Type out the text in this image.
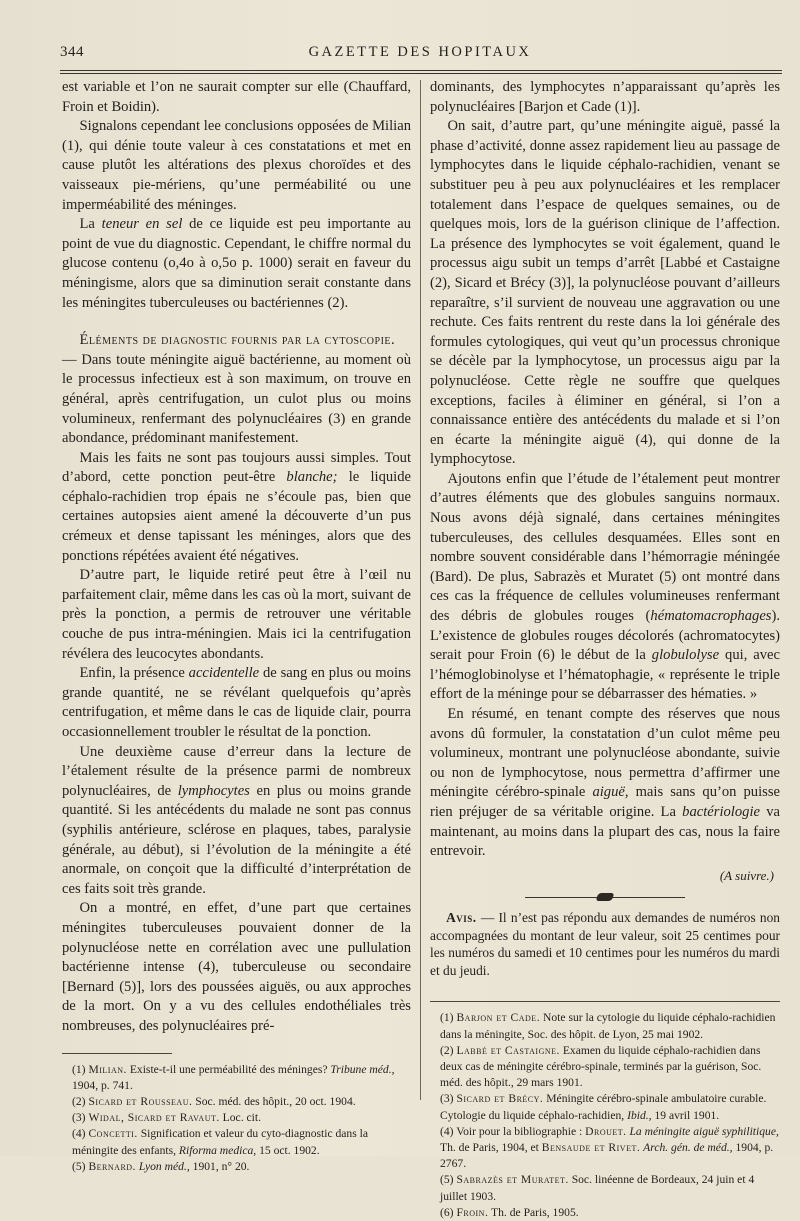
344	GAZETTE DES HOPITAUX

est variable et l’on ne saurait compter sur elle (Chauffard, Froin et Boidin).

Signalons cependant lee conclusions opposées de Milian (1), qui dénie toute valeur à ces constatations et met en cause plutôt les altérations des plexus choroïdes et des vaisseaux pie-mériens, qu’une perméabilité ou une imperméabilité des méninges.

La teneur en sel de ce liquide est peu importante au point de vue du diagnostic. Cependant, le chiffre normal du glucose contenu (o,4o à o,5o p. 1000) serait en faveur du méningisme, alors que sa diminution serait constante dans les méningites tuberculeuses ou bactériennes (2).

Éléments de diagnostic fournis par la cytoscopie.

— Dans toute méningite aiguë bactérienne, au moment où le processus infectieux est à son maximum, on trouve en général, après centrifugation, un culot plus ou moins volumineux, renfermant des polynucléaires (3) en grande abondance, prédominant manifestement.

Mais les faits ne sont pas toujours aussi simples. Tout d’abord, cette ponction peut-être blanche; le liquide céphalo-rachidien trop épais ne s’écoule pas, bien que certaines autopsies aient amené la découverte d’un pus crémeux et dense tapissant les méninges, alors que des ponctions répétées avaient été négatives.

D’autre part, le liquide retiré peut être à l’œil nu parfaitement clair, même dans les cas où la mort, suivant de près la ponction, a permis de retrouver une véritable couche de pus intra-méningien. Mais ici la centrifugation révélera des leucocytes abondants.

Enfin, la présence accidentelle de sang en plus ou moins grande quantité, ne se révélant quelquefois qu’après centrifugation, et même dans le cas de liquide clair, pourra occasionnellement troubler le résultat de la ponction.

Une deuxième cause d’erreur dans la lecture de l’étalement résulte de la présence parmi de nombreux polynucléaires, de lymphocytes en plus ou moins grande quantité. Si les antécédents du malade ne sont pas connus (syphilis antérieure, sclérose en plaques, tabes, paralysie générale, au début), si l’évolution de la méningite a été anormale, on conçoit que la difficulté d’interprétation de ces faits soit très grande.

On a montré, en effet, d’une part que certaines méningites tuberculeuses pouvaient donner de la polynucléose nette en corrélation avec une pullulation bactérienne intense (4), tuberculeuse ou secondaire [Bernard (5)], lors des poussées aiguës, ou aux approches de la mort. On y a vu des cellules endothéliales très nombreuses, des polynucléaires pré-

(1) Milian. Existe-t-il une perméabilité des méninges? Tribune méd., 1904, p. 741.

(2) Sicard et Rousseau. Soc. méd. des hôpit., 20 oct. 1904.

(3) Widal, Sicard et Ravaut. Loc. cit.

(4) Concetti. Signification et valeur du cyto-diagnostic dans la méningite des enfants, Riforma medica, 15 oct. 1902.

(5) Bernard. Lyon méd., 1901, n° 20.

dominants, des lymphocytes n’apparaissant qu’après les polynucléaires [Barjon et Cade (1)].

On sait, d’autre part, qu’une méningite aiguë, passé la phase d’activité, donne assez rapidement lieu au passage de lymphocytes dans le liquide céphalo-rachidien, venant se substituer peu à peu aux polynucléaires et les remplacer totalement dans l’espace de quelques semaines, ou de quelques mois, lors de la guérison clinique de l’affection. La présence des lymphocytes se voit également, quand le processus aigu subit un temps d’arrêt [Labbé et Castaigne (2), Sicard et Brécy (3)], la polynucléose pouvant d’ailleurs reparaître, s’il survient de nouveau une aggravation ou une rechute. Ces faits rentrent du reste dans la loi générale des formules cytologiques, qui veut qu’un processus chronique se décèle par la lymphocytose, un processus aigu par la polynucléose. Cette règle ne souffre que quelques exceptions, faciles à éliminer en général, si l’on a connaissance entière des antécédents du malade et si l’on en écarte la méningite aiguë (4), qui donne de la lymphocytose.

Ajoutons enfin que l’étude de l’étalement peut montrer d’autres éléments que des globules sanguins normaux. Nous avons déjà signalé, dans certaines méningites tuberculeuses, des cellules desquamées. Elles sont en nombre souvent considérable dans l’hémorragie méningée (Bard). De plus, Sabrazès et Muratet (5) ont montré dans ces cas la fréquence de cellules volumineuses renfermant des débris de globules rouges (hématomacrophages). L’existence de globules rouges décolorés (achromatocytes) serait pour Froin (6) le début de la globulolyse qui, avec l’hémoglobinolyse et l’hématophagie, « représente le triple effort de la méninge pour se débarrasser des hématies. »

En résumé, en tenant compte des réserves que nous avons dû formuler, la constatation d’un culot même peu volumineux, montrant une polynucléose abondante, suivie ou non de lymphocytose, nous permettra d’affirmer une méningite cérébro-spinale aiguë, mais sans qu’on puisse rien préjuger de sa véritable origine. La bactériologie va maintenant, au moins dans la plupart des cas, nous la faire entrevoir.

(A suivre.)

Avis. — Il n’est pas répondu aux demandes de numéros non accompagnées du montant de leur valeur, soit 25 centimes pour les numéros du samedi et 10 centimes pour les numéros du mardi et du jeudi.

(1) Barjon et Cade. Note sur la cytologie du liquide céphalo-rachidien dans la méningite, Soc. des hôpit. de Lyon, 25 mai 1902.

(2) Labbé et Castaigne. Examen du liquide céphalo-rachidien dans deux cas de méningite cérébro-spinale, terminés par la guérison, Soc. méd. des hôpit., 29 mars 1901.

(3) Sicard et Brécy. Méningite cérébro-spinale ambulatoire curable. Cytologie du liquide céphalo-rachidien, Ibid., 19 avril 1901.

(4) Voir pour la bibliographie : Drouet. La méningite aiguë syphilitique, Th. de Paris, 1904, et Bensaude et Rivet. Arch. gén. de méd., 1904, p. 2767.

(5) Sabrazès et Muratet. Soc. linéenne de Bordeaux, 24 juin et 4 juillet 1903.

(6) Froin. Th. de Paris, 1905.
